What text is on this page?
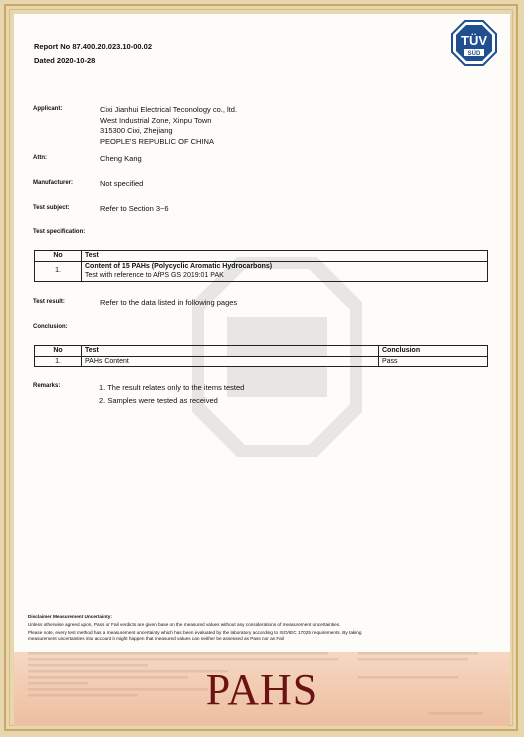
TÜV
SÜD
Report No 87.400.20.023.10-00.02
Dated 2020-10-28
Applicant:	Cixi Jianhui Electrical Teconology co., ltd.
West Industrial Zone, Xinpu Town
315300 Cixi, Zhejiang
PEOPLE'S REPUBLIC OF CHINA
Attn:	Cheng Kang
Manufacturer:	Not specified
Test subject:	Refer to Section 3~6
Test specification:
No	Test
1.	Content of 15 PAHs (Polycyclic Aromatic Hydrocarbons)
Test with reference to AfPS GS 2019:01 PAK
Test result:	Refer to the data listed in following pages
Conclusion:
No	Test	Conclusion
1.	PAHs Content	Pass
Remarks:	1. The result relates only to the items tested
2. Samples were tested as received
Disclaimer Measurement Uncertainty:
Unless otherwise agreed upon, Pass or Fail verdicts are given base on the measured values without any considerations of measurement uncertainties.
Please note, every test method has a measurement uncertainty which has been evaluated by the laboratory according to ISO/IEC 17025 requirements. By taking
measurement uncertainties into account it might happen that measured values can neither be assessed as Pass nor as Fail
PAHS
